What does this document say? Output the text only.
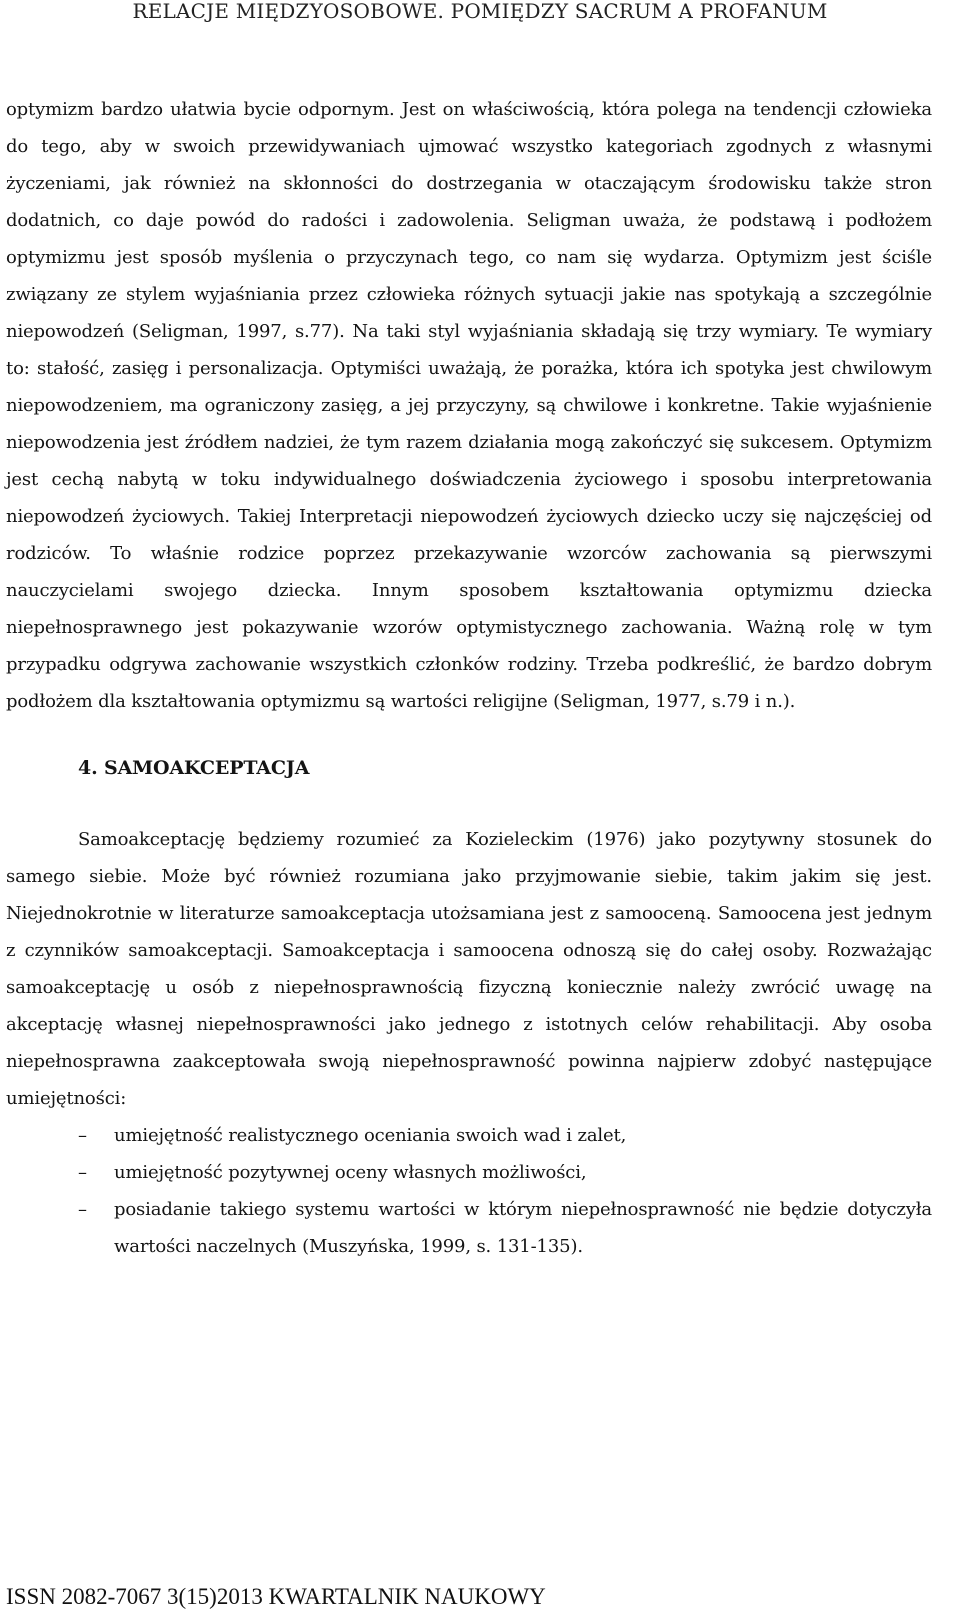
RELACJE MIĘDZYOSOBOWE. POMIĘDZY SACRUM A PROFANUM

optymizm bardzo ułatwia bycie odpornym. Jest on właściwością, która polega na tendencji człowieka do tego, aby w swoich przewidywaniach ujmować wszystko kategoriach zgodnych z własnymi życzeniami, jak również na skłonności do dostrzegania w otaczającym środowisku także stron dodatnich, co daje powód do radości i zadowolenia. Seligman uważa, że podstawą i podłożem optymizmu jest sposób myślenia o przyczynach tego, co nam się wydarza. Optymizm jest ściśle związany ze stylem wyjaśniania przez człowieka różnych sytuacji jakie nas spotykają a szczególnie niepowodzeń (Seligman, 1997, s.77). Na taki styl wyjaśniania składają się trzy wymiary. Te wymiary to: stałość, zasięg i personalizacja. Optymiści uważają, że porażka, która ich spotyka jest chwilowym niepowodzeniem, ma ograniczony zasięg, a jej przyczyny, są chwilowe i konkretne. Takie wyjaśnienie niepowodzenia jest źródłem nadziei, że tym razem działania mogą zakończyć się sukcesem. Optymizm jest cechą nabytą w toku indywidualnego doświadczenia życiowego i sposobu interpretowania niepowodzeń życiowych. Takiej Interpretacji niepowodzeń życiowych dziecko uczy się najczęściej od rodziców. To właśnie rodzice poprzez przekazywanie wzorców zachowania są pierwszymi nauczycielami swojego dziecka. Innym sposobem kształtowania optymizmu dziecka niepełnosprawnego jest pokazywanie wzorów optymistycznego zachowania. Ważną rolę w tym przypadku odgrywa zachowanie wszystkich członków rodziny. Trzeba podkreślić, że bardzo dobrym podłożem dla kształtowania optymizmu są wartości religijne (Seligman, 1977, s.79 i n.).

4. SAMOAKCEPTACJA

Samoakceptację będziemy rozumieć za Kozieleckim (1976) jako pozytywny stosunek do samego siebie. Może być również rozumiana jako przyjmowanie siebie, takim jakim się jest. Niejednokrotnie w literaturze samoakceptacja utożsamiana jest z samooceną. Samoocena jest jednym z czynników samoakceptacji. Samoakceptacja i samoocena odnoszą się do całej osoby. Rozważając samoakceptację u osób z niepełnosprawnością fizyczną koniecznie należy zwrócić uwagę na akceptację własnej niepełnosprawności jako jednego z istotnych celów rehabilitacji. Aby osoba niepełnosprawna zaakceptowała swoją niepełnosprawność powinna najpierw zdobyć następujące umiejętności:

–	umiejętność realistycznego oceniania swoich wad i zalet,
–	umiejętność pozytywnej oceny własnych możliwości,
–	posiadanie takiego systemu wartości w którym niepełnosprawność nie będzie dotyczyła wartości naczelnych (Muszyńska, 1999, s. 131-135).
ISSN 2082-7067 3(15)2013 KWARTALNIK NAUKOWY
